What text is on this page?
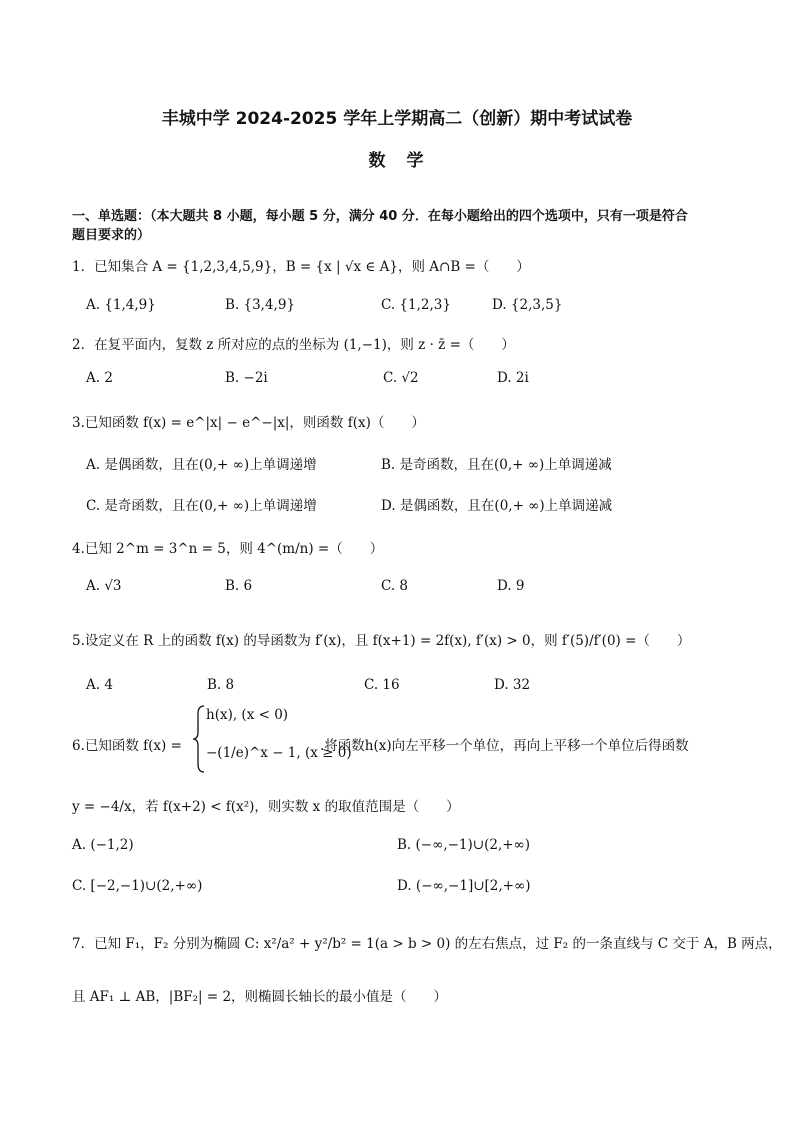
丰城中学 2024-2025 学年上学期高二（创新）期中考试试卷
数　学
一、单选题：（本大题共 8 小题，每小题 5 分，满分 40 分．在每小题给出的四个选项中，只有一项是符合
题目要求的）
1．已知集合 A = {1,2,3,4,5,9}，B = {x | √x ∈ A}，则 A∩B =（　　）
A. {1,4,9}	B. {3,4,9}	C. {1,2,3}	D. {2,3,5}
2．在复平面内，复数 z 所对应的点的坐标为 (1,−1)，则 z · z̄ =（　　）
A. 2	B. −2i	C. √2	D. 2i
3.已知函数 f(x) = e^|x| − e^−|x|，则函数 f(x)（　　）
A. 是偶函数，且在(0,+ ∞)上单调递增	B. 是奇函数，且在(0,+ ∞)上单调递减
C. 是奇函数，且在(0,+ ∞)上单调递增	D. 是偶函数，且在(0,+ ∞)上单调递减
4.已知 2^m = 3^n = 5，则 4^(m/n) =（　　）
A. √3	B. 6	C. 8	D. 9
5.设定义在 R 上的函数 f(x) 的导函数为 f′(x)，且 f(x+1) = 2f(x), f′(x) > 0，则 f′(5)/f′(0) =（　　）
A. 4	B. 8	C. 16	D. 32
6.已知函数 f(x) =
h(x), (x < 0)
−(1/e)^x − 1, (x ≥ 0)
.将函数h(x)向左平移一个单位，再向上平移一个单位后得函数
y = −4/x，若 f(x+2) < f(x²)，则实数 x 的取值范围是（　　）
A. (−1,2)	B. (−∞,−1)∪(2,+∞)
C. [−2,−1)∪(2,+∞)	D. (−∞,−1]∪[2,+∞)
7．已知 F₁，F₂ 分别为椭圆 C: x²/a² + y²/b² = 1(a > b > 0) 的左右焦点，过 F₂ 的一条直线与 C 交于 A，B 两点，
且 AF₁ ⊥ AB，|BF₂| = 2，则椭圆长轴长的最小值是（　　）
